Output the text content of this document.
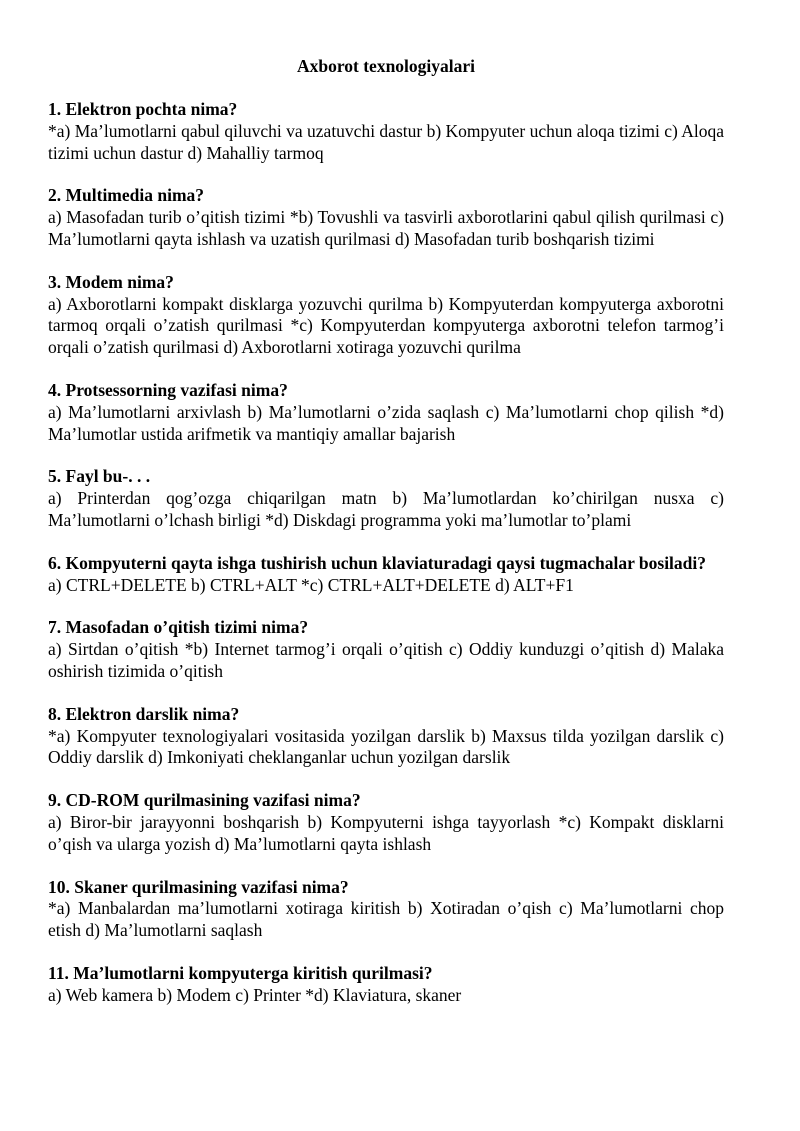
Axborot texnologiyalari
1. Elektron pochta nima?
*a) Ma’lumotlarni qabul qiluvchi va uzatuvchi dastur b) Kompyuter uchun aloqa tizimi c) Aloqa tizimi uchun dastur d) Mahalliy tarmoq
2. Multimedia nima?
a) Masofadan turib o’qitish tizimi *b) Tovushli va tasvirli axborotlarini qabul qilish qurilmasi c) Ma’lumotlarni qayta ishlash va uzatish qurilmasi d) Masofadan turib boshqarish tizimi
3. Modem nima?
a) Axborotlarni kompakt disklarga yozuvchi qurilma b) Kompyuterdan kompyuterga axborotni tarmoq orqali o’zatish qurilmasi *c) Kompyuterdan kompyuterga axborotni telefon tarmog’i orqali o’zatish qurilmasi d) Axborotlarni xotiraga yozuvchi qurilma
4. Protsessorning vazifasi nima?
a) Ma’lumotlarni arxivlash b) Ma’lumotlarni o’zida saqlash c) Ma’lumotlarni chop qilish *d) Ma’lumotlar ustida arifmetik va mantiqiy amallar bajarish
5. Fayl bu-. . .
a) Printerdan qog’ozga chiqarilgan matn b) Ma’lumotlardan ko’chirilgan nusxa c) Ma’lumotlarni o’lchash birligi *d) Diskdagi programma yoki ma’lumotlar to’plami
6. Kompyuterni qayta ishga tushirish uchun klaviaturadagi qaysi tugmachalar bosiladi?
a) CTRL+DELETE b) CTRL+ALT *c) CTRL+ALT+DELETE d) ALT+F1
7. Masofadan o’qitish tizimi nima?
a) Sirtdan o’qitish *b) Internet tarmog’i orqali o’qitish c) Oddiy kunduzgi o’qitish d) Malaka oshirish tizimida o’qitish
8. Elektron darslik nima?
*a) Kompyuter texnologiyalari vositasida yozilgan darslik b) Maxsus tilda yozilgan darslik c) Oddiy darslik d) Imkoniyati cheklanganlar uchun yozilgan darslik
9. CD-ROM qurilmasining vazifasi nima?
a) Biror-bir jarayyonni boshqarish b) Kompyuterni ishga tayyorlash *c) Kompakt disklarni o’qish va ularga yozish d) Ma’lumotlarni qayta ishlash
10. Skaner qurilmasining vazifasi nima?
*a) Manbalardan ma’lumotlarni xotiraga kiritish b) Xotiradan o’qish c) Ma’lumotlarni chop etish d) Ma’lumotlarni saqlash
11. Ma’lumotlarni kompyuterga kiritish qurilmasi?
a) Web kamera b) Modem c) Printer *d) Klaviatura, skaner
